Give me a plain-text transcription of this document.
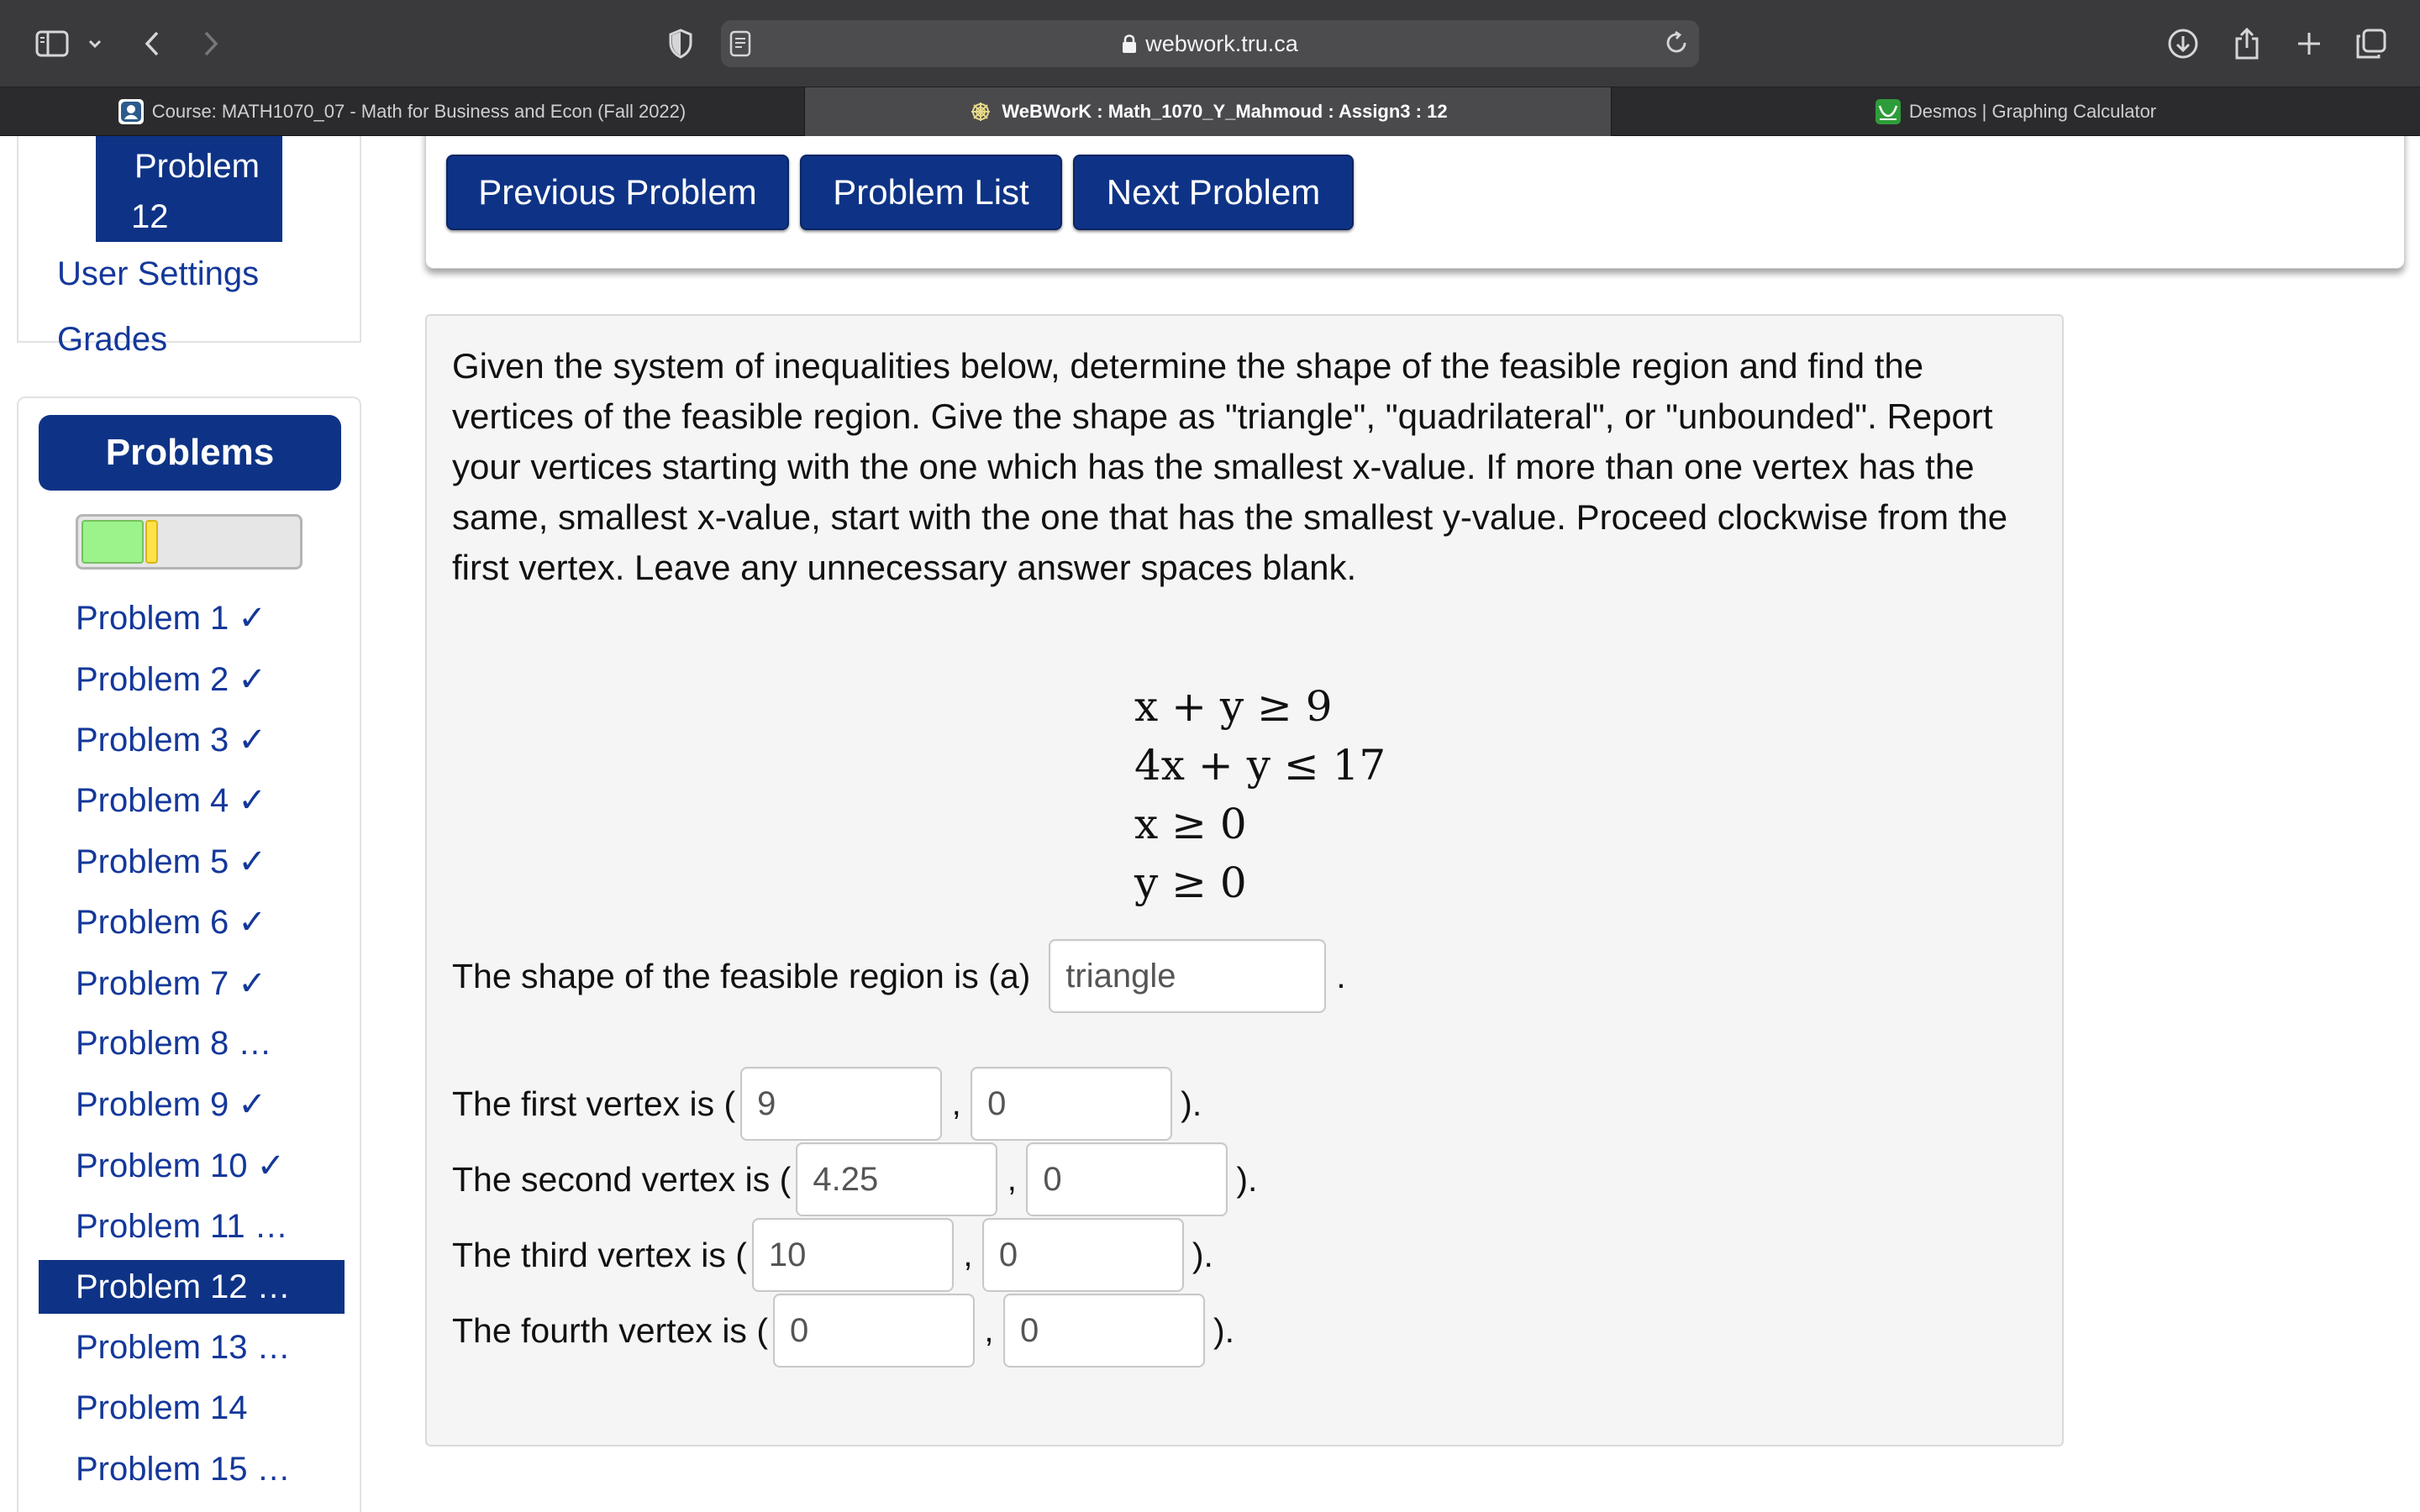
webwork.tru.ca
Course: MATH1070_07 - Math for Business and Econ (Fall 2022)	WeBWorK : Math_1070_Y_Mahmoud : Assign3 : 12	Desmos | Graphing Calculator
Problem
12
User Settings
Grades
Problems
Problem 1 ✓
Problem 2 ✓
Problem 3 ✓
Problem 4 ✓
Problem 5 ✓
Problem 6 ✓
Problem 7 ✓
Problem 8 …
Problem 9 ✓
Problem 10 ✓
Problem 11 …
Problem 12 …
Problem 13 …
Problem 14
Problem 15 …
Previous Problem	Problem List	Next Problem
Given the system of inequalities below, determine the shape of the feasible region and find the vertices of the feasible region. Give the shape as "triangle", "quadrilateral", or "unbounded". Report your vertices starting with the one which has the smallest x-value. If more than one vertex has the same, smallest x-value, start with the one that has the smallest y-value. Proceed clockwise from the first vertex. Leave any unnecessary answer spaces blank.
x + y ≥ 9
4x + y ≤ 17
x ≥ 0
y ≥ 0
The shape of the feasible region is (a)	triangle	.
The first vertex is ( 9	, 0	).
The second vertex is ( 4.25	, 0	).
The third vertex is ( 10	, 0	).
The fourth vertex is ( 0	, 0	).
